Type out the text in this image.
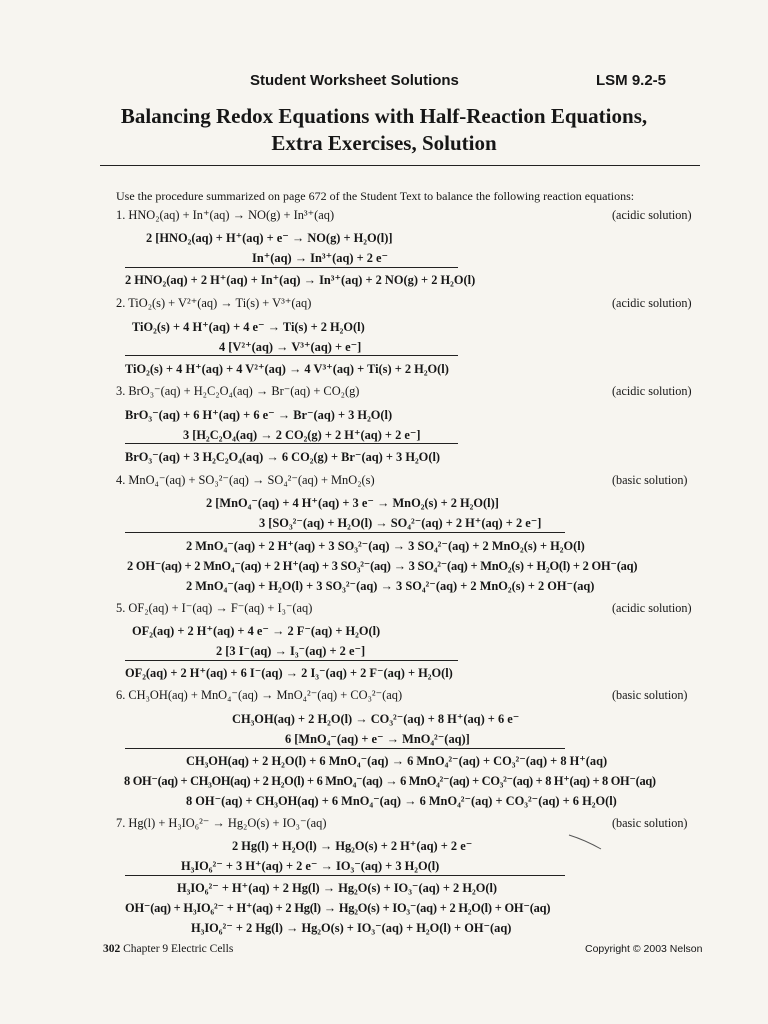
Student Worksheet Solutions	LSM 9.2-5
Balancing Redox Equations with Half-Reaction Equations,
Extra Exercises, Solution
Use the procedure summarized on page 672 of the Student Text to balance the following reaction equations:
1. HNO₂(aq) + In⁺(aq) → NO(g) + In³⁺(aq)	(acidic solution)
2 [HNO₂(aq) + H⁺(aq) + e⁻ → NO(g) + H₂O(l)]
In⁺(aq) → In³⁺(aq) + 2 e⁻
2 HNO₂(aq) + 2 H⁺(aq) + In⁺(aq) → In³⁺(aq) + 2 NO(g) + 2 H₂O(l)
2. TiO₂(s) + V²⁺(aq) → Ti(s) + V³⁺(aq)	(acidic solution)
TiO₂(s) + 4 H⁺(aq) + 4 e⁻ → Ti(s) + 2 H₂O(l)
4 [V²⁺(aq) → V³⁺(aq) + e⁻]
TiO₂(s) + 4 H⁺(aq) + 4 V²⁺(aq) → 4 V³⁺(aq) + Ti(s) + 2 H₂O(l)
3. BrO₃⁻(aq) + H₂C₂O₄(aq) → Br⁻(aq) + CO₂(g)	(acidic solution)
BrO₃⁻(aq) + 6 H⁺(aq) + 6 e⁻ → Br⁻(aq) + 3 H₂O(l)
3 [H₂C₂O₄(aq) → 2 CO₂(g) + 2 H⁺(aq) + 2 e⁻]
BrO₃⁻(aq) + 3 H₂C₂O₄(aq) → 6 CO₂(g) + Br⁻(aq) + 3 H₂O(l)
4. MnO₄⁻(aq) + SO₃²⁻(aq) → SO₄²⁻(aq) + MnO₂(s)	(basic solution)
2 [MnO₄⁻(aq) + 4 H⁺(aq) + 3 e⁻ → MnO₂(s) + 2 H₂O(l)]
3 [SO₃²⁻(aq) + H₂O(l) → SO₄²⁻(aq) + 2 H⁺(aq) + 2 e⁻]
2 MnO₄⁻(aq) + 2 H⁺(aq) + 3 SO₃²⁻(aq) → 3 SO₄²⁻(aq) + 2 MnO₂(s) + H₂O(l)
2 OH⁻(aq) + 2 MnO₄⁻(aq) + 2 H⁺(aq) + 3 SO₃²⁻(aq) → 3 SO₄²⁻(aq) + MnO₂(s) + H₂O(l) + 2 OH⁻(aq)
2 MnO₄⁻(aq) + H₂O(l) + 3 SO₃²⁻(aq) → 3 SO₄²⁻(aq) + 2 MnO₂(s) + 2 OH⁻(aq)
5. OF₂(aq) + I⁻(aq) → F⁻(aq) + I₃⁻(aq)	(acidic solution)
OF₂(aq) + 2 H⁺(aq) + 4 e⁻ → 2 F⁻(aq) + H₂O(l)
2 [3 I⁻(aq) → I₃⁻(aq) + 2 e⁻]
OF₂(aq) + 2 H⁺(aq) + 6 I⁻(aq) → 2 I₃⁻(aq) + 2 F⁻(aq) + H₂O(l)
6. CH₃OH(aq) + MnO₄⁻(aq) → MnO₄²⁻(aq) + CO₃²⁻(aq)	(basic solution)
CH₃OH(aq) + 2 H₂O(l) → CO₃²⁻(aq) + 8 H⁺(aq) + 6 e⁻
6 [MnO₄⁻(aq) + e⁻ → MnO₄²⁻(aq)]
CH₃OH(aq) + 2 H₂O(l) + 6 MnO₄⁻(aq) → 6 MnO₄²⁻(aq) + CO₃²⁻(aq) + 8 H⁺(aq)
8 OH⁻(aq) + CH₃OH(aq) + 2 H₂O(l) + 6 MnO₄⁻(aq) → 6 MnO₄²⁻(aq) + CO₃²⁻(aq) + 8 H⁺(aq) + 8 OH⁻(aq)
8 OH⁻(aq) + CH₃OH(aq) + 6 MnO₄⁻(aq) → 6 MnO₄²⁻(aq) + CO₃²⁻(aq) + 6 H₂O(l)
7. Hg(l) + H₃IO₆²⁻ → Hg₂O(s) + IO₃⁻(aq)	(basic solution)
2 Hg(l) + H₂O(l) → Hg₂O(s) + 2 H⁺(aq) + 2 e⁻
H₃IO₆²⁻ + 3 H⁺(aq) + 2 e⁻ → IO₃⁻(aq) + 3 H₂O(l)
H₃IO₆²⁻ + H⁺(aq) + 2 Hg(l) → Hg₂O(s) + IO₃⁻(aq) + 2 H₂O(l)
OH⁻(aq) + H₃IO₆²⁻ + H⁺(aq) + 2 Hg(l) → Hg₂O(s) + IO₃⁻(aq) + 2 H₂O(l) + OH⁻(aq)
H₃IO₆²⁻ + 2 Hg(l) → Hg₂O(s) + IO₃⁻(aq) + H₂O(l) + OH⁻(aq)
302 Chapter 9 Electric Cells	Copyright © 2003 Nelson
